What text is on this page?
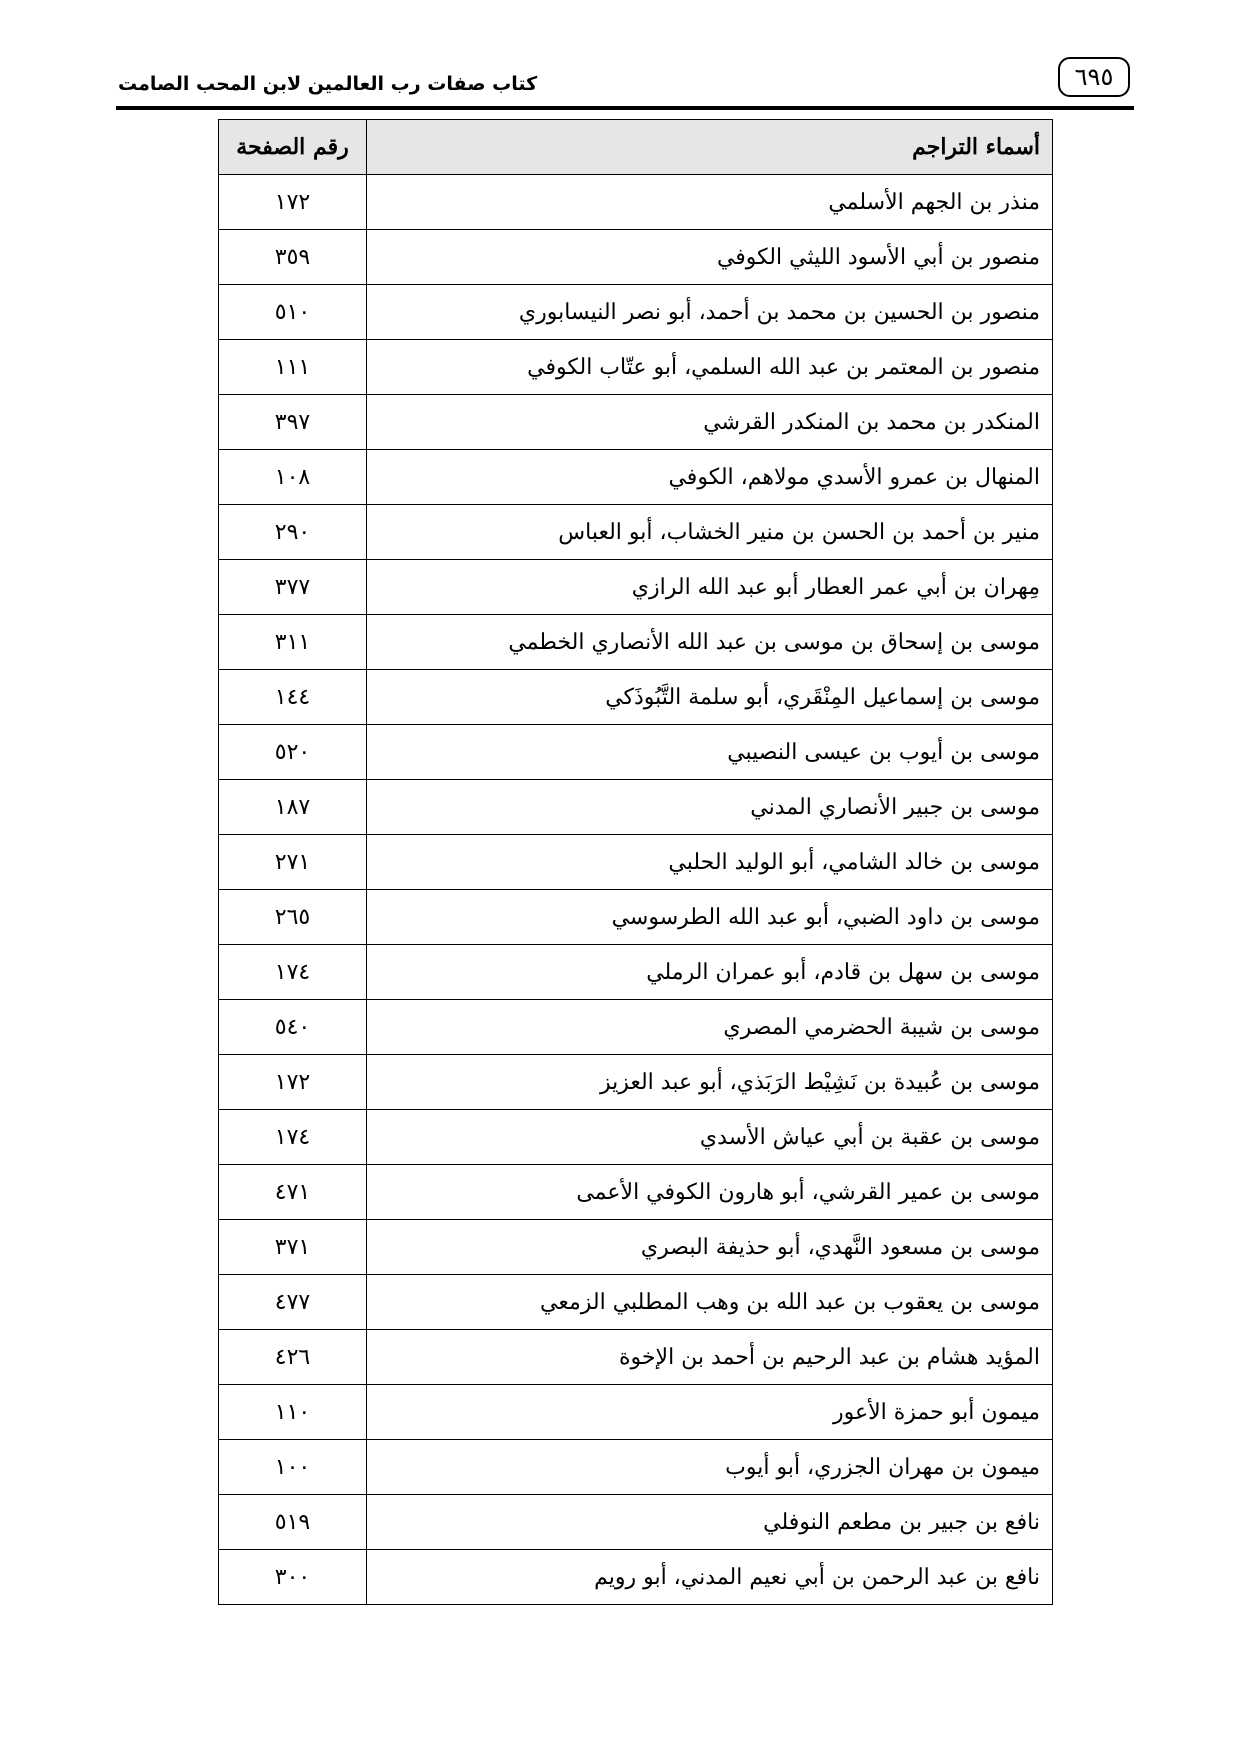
كتاب صفات رب العالمين لابن المحب الصامت	٦٩٥
أسماء التراجم	رقم الصفحة
منذر بن الجهم الأسلمي	١٧٢
منصور بن أبي الأسود الليثي الكوفي	٣٥٩
منصور بن الحسين بن محمد بن أحمد، أبو نصر النيسابوري	٥١٠
منصور بن المعتمر بن عبد الله السلمي، أبو عتّاب الكوفي	١١١
المنكدر بن محمد بن المنكدر القرشي	٣٩٧
المنهال بن عمرو الأسدي مولاهم، الكوفي	١٠٨
منير بن أحمد بن الحسن بن منير الخشاب، أبو العباس	٢٩٠
مِهران بن أبي عمر العطار أبو عبد الله الرازي	٣٧٧
موسى بن إسحاق بن موسى بن عبد الله الأنصاري الخطمي	٣١١
موسى بن إسماعيل المِنْقَري، أبو سلمة التَّبُوذَكي	١٤٤
موسى بن أيوب بن عيسى النصيبي	٥٢٠
موسى بن جبير الأنصاري المدني	١٨٧
موسى بن خالد الشامي، أبو الوليد الحلبي	٢٧١
موسى بن داود الضبي، أبو عبد الله الطرسوسي	٢٦٥
موسى بن سهل بن قادم، أبو عمران الرملي	١٧٤
موسى بن شيبة الحضرمي المصري	٥٤٠
موسى بن عُبيدة بن نَشِيْط الرَبَذي، أبو عبد العزيز	١٧٢
موسى بن عقبة بن أبي عياش الأسدي	١٧٤
موسى بن عمير القرشي، أبو هارون الكوفي الأعمى	٤٧١
موسى بن مسعود النَّهدي، أبو حذيفة البصري	٣٧١
موسى بن يعقوب بن عبد الله بن وهب المطلبي الزمعي	٤٧٧
المؤيد هشام بن عبد الرحيم بن أحمد بن الإخوة	٤٢٦
ميمون أبو حمزة الأعور	١١٠
ميمون بن مهران الجزري، أبو أيوب	١٠٠
نافع بن جبير بن مطعم النوفلي	٥١٩
نافع بن عبد الرحمن بن أبي نعيم المدني، أبو رويم	٣٠٠
